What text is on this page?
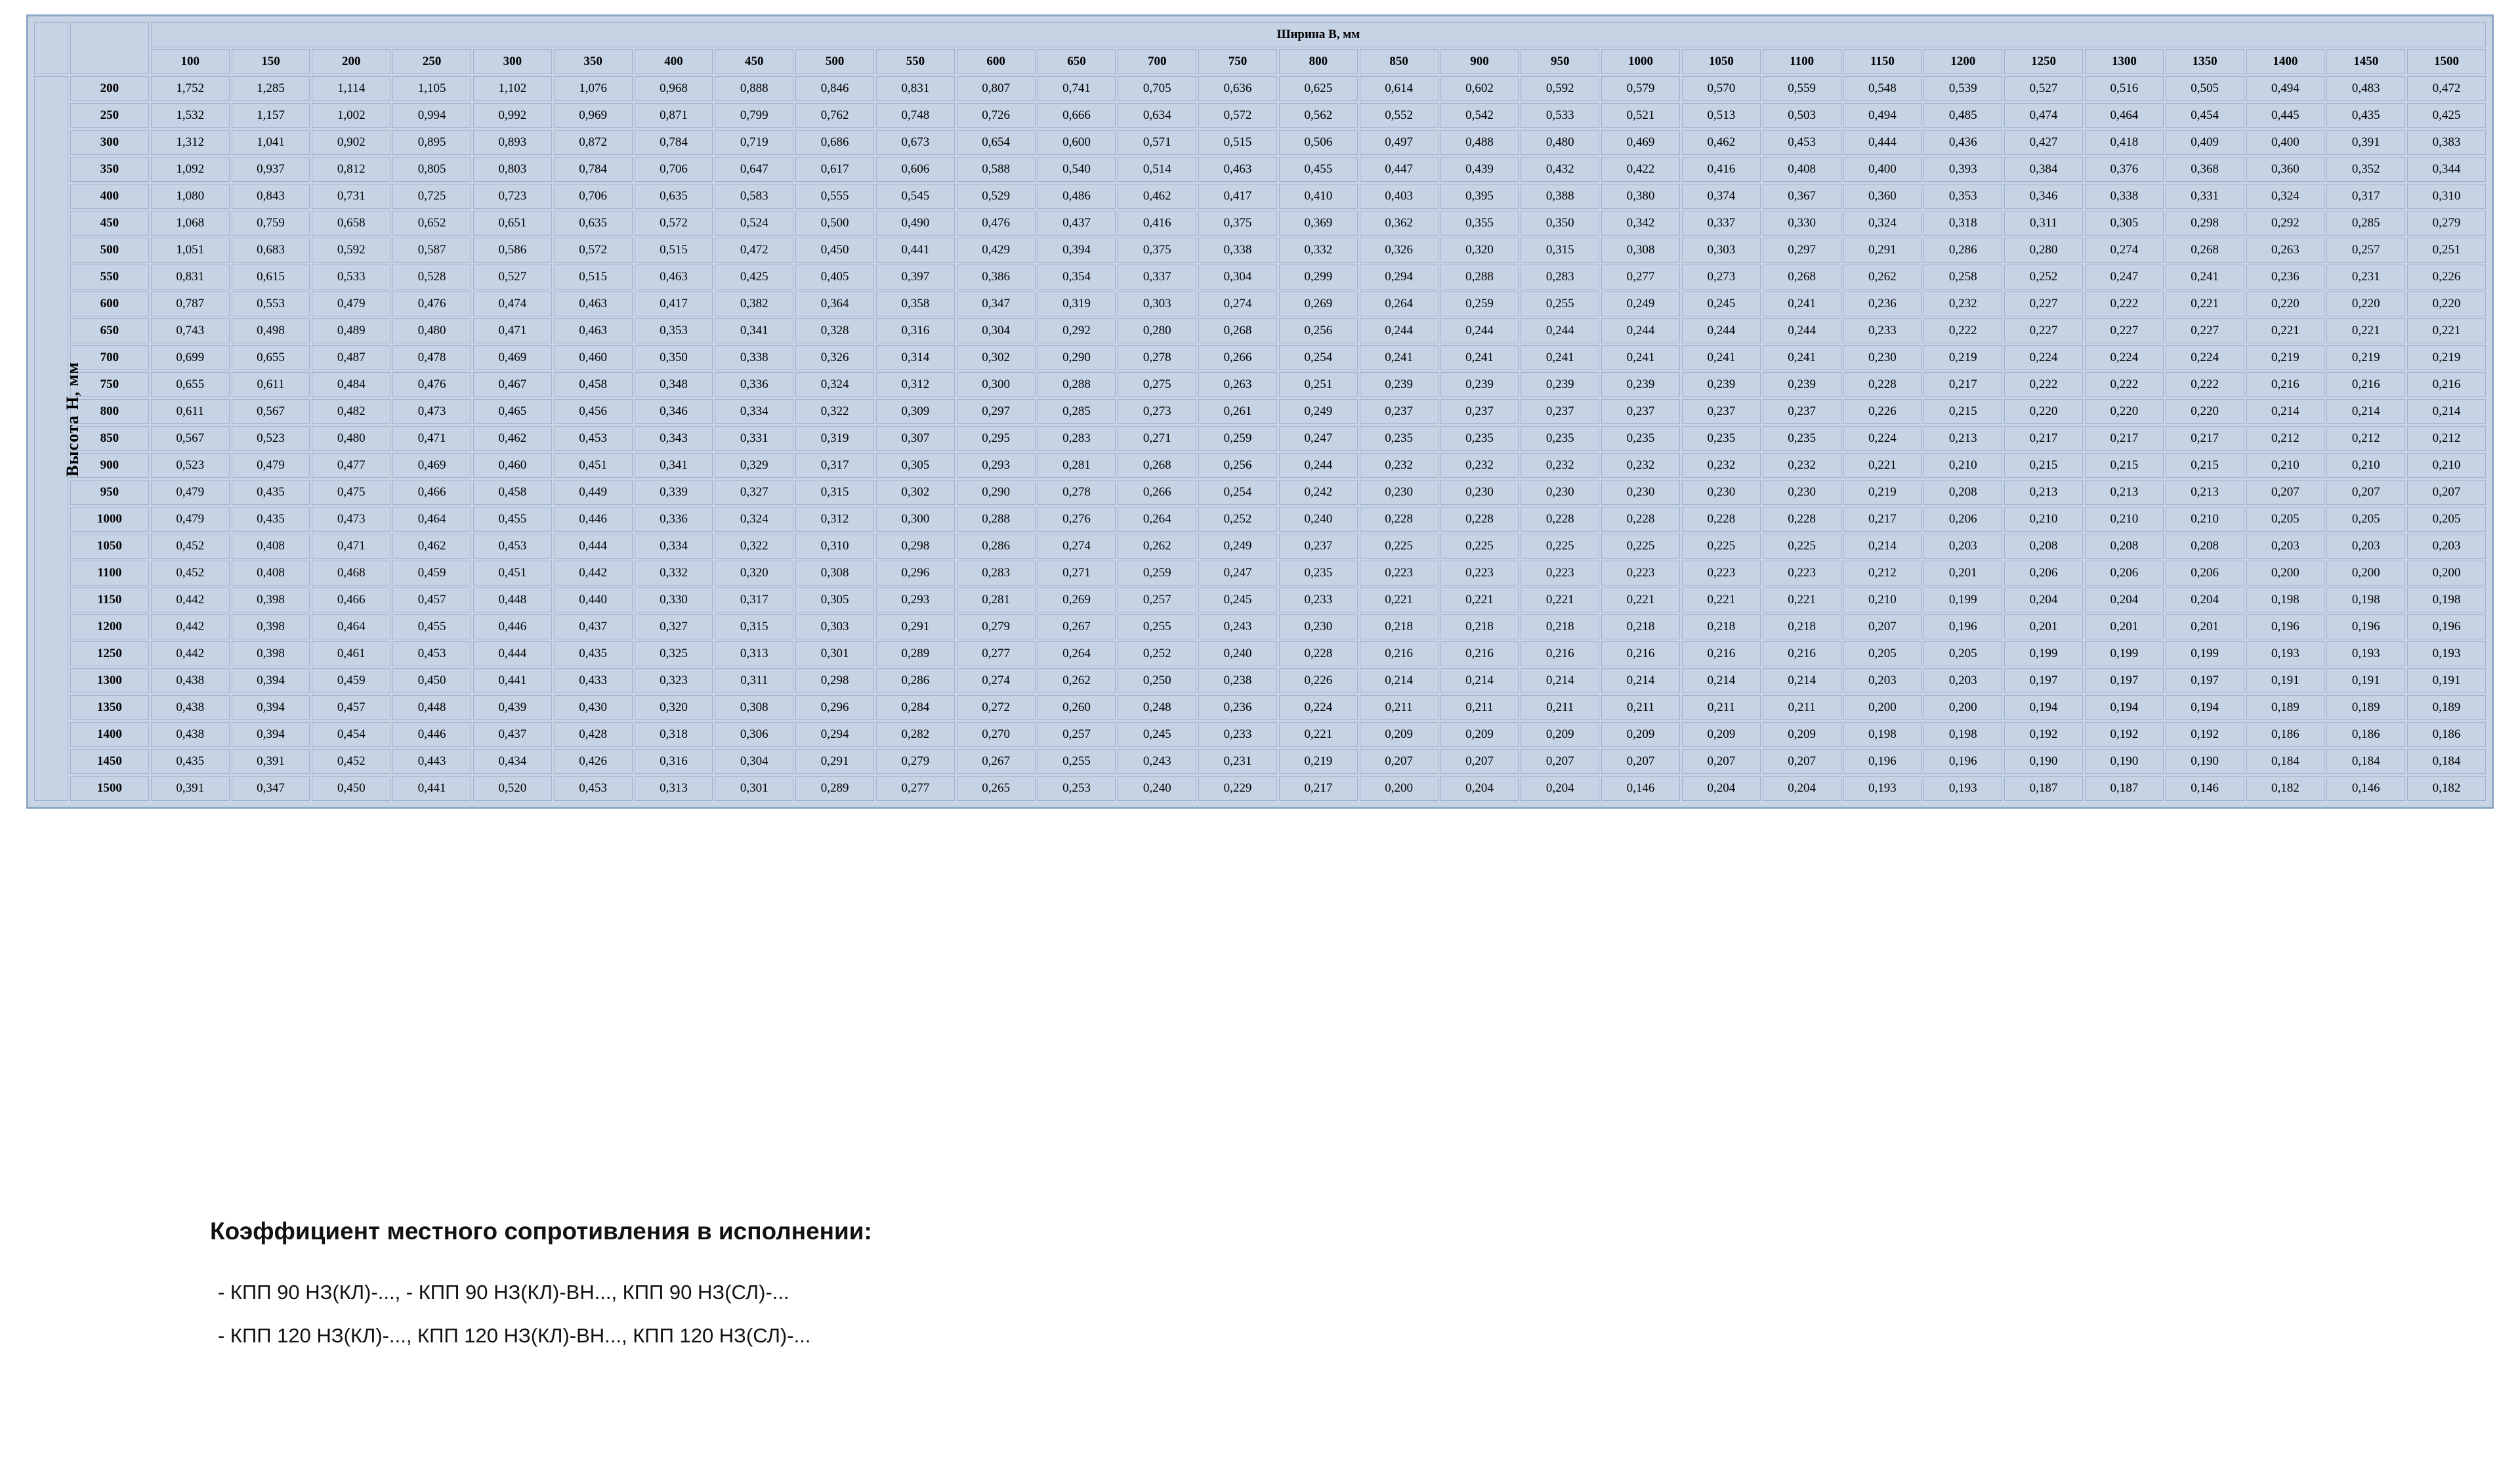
		Ширина B, мм																												
		100	150	200	250	300	350	400	450	500	550	600	650	700	750	800	850	900	950	1000	1050	1100	1150	1200	1250	1300	1350	1400	1450	1500
	200	1,752	1,285	1,114	1,105	1,102	1,076	0,968	0,888	0,846	0,831	0,807	0,741	0,705	0,636	0,625	0,614	0,602	0,592	0,579	0,570	0,559	0,548	0,539	0,527	0,516	0,505	0,494	0,483	0,472
	250	1,532	1,157	1,002	0,994	0,992	0,969	0,871	0,799	0,762	0,748	0,726	0,666	0,634	0,572	0,562	0,552	0,542	0,533	0,521	0,513	0,503	0,494	0,485	0,474	0,464	0,454	0,445	0,435	0,425
	300	1,312	1,041	0,902	0,895	0,893	0,872	0,784	0,719	0,686	0,673	0,654	0,600	0,571	0,515	0,506	0,497	0,488	0,480	0,469	0,462	0,453	0,444	0,436	0,427	0,418	0,409	0,400	0,391	0,383
	350	1,092	0,937	0,812	0,805	0,803	0,784	0,706	0,647	0,617	0,606	0,588	0,540	0,514	0,463	0,455	0,447	0,439	0,432	0,422	0,416	0,408	0,400	0,393	0,384	0,376	0,368	0,360	0,352	0,344
	400	1,080	0,843	0,731	0,725	0,723	0,706	0,635	0,583	0,555	0,545	0,529	0,486	0,462	0,417	0,410	0,403	0,395	0,388	0,380	0,374	0,367	0,360	0,353	0,346	0,338	0,331	0,324	0,317	0,310
	450	1,068	0,759	0,658	0,652	0,651	0,635	0,572	0,524	0,500	0,490	0,476	0,437	0,416	0,375	0,369	0,362	0,355	0,350	0,342	0,337	0,330	0,324	0,318	0,311	0,305	0,298	0,292	0,285	0,279
	500	1,051	0,683	0,592	0,587	0,586	0,572	0,515	0,472	0,450	0,441	0,429	0,394	0,375	0,338	0,332	0,326	0,320	0,315	0,308	0,303	0,297	0,291	0,286	0,280	0,274	0,268	0,263	0,257	0,251
	550	0,831	0,615	0,533	0,528	0,527	0,515	0,463	0,425	0,405	0,397	0,386	0,354	0,337	0,304	0,299	0,294	0,288	0,283	0,277	0,273	0,268	0,262	0,258	0,252	0,247	0,241	0,236	0,231	0,226
	600	0,787	0,553	0,479	0,476	0,474	0,463	0,417	0,382	0,364	0,358	0,347	0,319	0,303	0,274	0,269	0,264	0,259	0,255	0,249	0,245	0,241	0,236	0,232	0,227	0,222	0,221	0,220	0,220	0,220
	650	0,743	0,498	0,489	0,480	0,471	0,463	0,353	0,341	0,328	0,316	0,304	0,292	0,280	0,268	0,256	0,244	0,244	0,244	0,244	0,244	0,244	0,233	0,222	0,227	0,227	0,227	0,221	0,221	0,221
	700	0,699	0,655	0,487	0,478	0,469	0,460	0,350	0,338	0,326	0,314	0,302	0,290	0,278	0,266	0,254	0,241	0,241	0,241	0,241	0,241	0,241	0,230	0,219	0,224	0,224	0,224	0,219	0,219	0,219
	750	0,655	0,611	0,484	0,476	0,467	0,458	0,348	0,336	0,324	0,312	0,300	0,288	0,275	0,263	0,251	0,239	0,239	0,239	0,239	0,239	0,239	0,228	0,217	0,222	0,222	0,222	0,216	0,216	0,216
	800	0,611	0,567	0,482	0,473	0,465	0,456	0,346	0,334	0,322	0,309	0,297	0,285	0,273	0,261	0,249	0,237	0,237	0,237	0,237	0,237	0,237	0,226	0,215	0,220	0,220	0,220	0,214	0,214	0,214
	850	0,567	0,523	0,480	0,471	0,462	0,453	0,343	0,331	0,319	0,307	0,295	0,283	0,271	0,259	0,247	0,235	0,235	0,235	0,235	0,235	0,235	0,224	0,213	0,217	0,217	0,217	0,212	0,212	0,212
	900	0,523	0,479	0,477	0,469	0,460	0,451	0,341	0,329	0,317	0,305	0,293	0,281	0,268	0,256	0,244	0,232	0,232	0,232	0,232	0,232	0,232	0,221	0,210	0,215	0,215	0,215	0,210	0,210	0,210
	950	0,479	0,435	0,475	0,466	0,458	0,449	0,339	0,327	0,315	0,302	0,290	0,278	0,266	0,254	0,242	0,230	0,230	0,230	0,230	0,230	0,230	0,219	0,208	0,213	0,213	0,213	0,207	0,207	0,207
	1000	0,479	0,435	0,473	0,464	0,455	0,446	0,336	0,324	0,312	0,300	0,288	0,276	0,264	0,252	0,240	0,228	0,228	0,228	0,228	0,228	0,228	0,217	0,206	0,210	0,210	0,210	0,205	0,205	0,205
	1050	0,452	0,408	0,471	0,462	0,453	0,444	0,334	0,322	0,310	0,298	0,286	0,274	0,262	0,249	0,237	0,225	0,225	0,225	0,225	0,225	0,225	0,214	0,203	0,208	0,208	0,208	0,203	0,203	0,203
	1100	0,452	0,408	0,468	0,459	0,451	0,442	0,332	0,320	0,308	0,296	0,283	0,271	0,259	0,247	0,235	0,223	0,223	0,223	0,223	0,223	0,223	0,212	0,201	0,206	0,206	0,206	0,200	0,200	0,200
	1150	0,442	0,398	0,466	0,457	0,448	0,440	0,330	0,317	0,305	0,293	0,281	0,269	0,257	0,245	0,233	0,221	0,221	0,221	0,221	0,221	0,221	0,210	0,199	0,204	0,204	0,204	0,198	0,198	0,198
	1200	0,442	0,398	0,464	0,455	0,446	0,437	0,327	0,315	0,303	0,291	0,279	0,267	0,255	0,243	0,230	0,218	0,218	0,218	0,218	0,218	0,218	0,207	0,196	0,201	0,201	0,201	0,196	0,196	0,196
	1250	0,442	0,398	0,461	0,453	0,444	0,435	0,325	0,313	0,301	0,289	0,277	0,264	0,252	0,240	0,228	0,216	0,216	0,216	0,216	0,216	0,216	0,205	0,205	0,199	0,199	0,199	0,193	0,193	0,193
	1300	0,438	0,394	0,459	0,450	0,441	0,433	0,323	0,311	0,298	0,286	0,274	0,262	0,250	0,238	0,226	0,214	0,214	0,214	0,214	0,214	0,214	0,203	0,203	0,197	0,197	0,197	0,191	0,191	0,191
	1350	0,438	0,394	0,457	0,448	0,439	0,430	0,320	0,308	0,296	0,284	0,272	0,260	0,248	0,236	0,224	0,211	0,211	0,211	0,211	0,211	0,211	0,200	0,200	0,194	0,194	0,194	0,189	0,189	0,189
	1400	0,438	0,394	0,454	0,446	0,437	0,428	0,318	0,306	0,294	0,282	0,270	0,257	0,245	0,233	0,221	0,209	0,209	0,209	0,209	0,209	0,209	0,198	0,198	0,192	0,192	0,192	0,186	0,186	0,186
	1450	0,435	0,391	0,452	0,443	0,434	0,426	0,316	0,304	0,291	0,279	0,267	0,255	0,243	0,231	0,219	0,207	0,207	0,207	0,207	0,207	0,207	0,196	0,196	0,190	0,190	0,190	0,184	0,184	0,184
	1500	0,391	0,347	0,450	0,441	0,520	0,453	0,313	0,301	0,289	0,277	0,265	0,253	0,240	0,229	0,217	0,200	0,204	0,204	0,146	0,204	0,204	0,193	0,193	0,187	0,187	0,146	0,182	0,146	0,182
Высота H, мм
Коэффициент местного сопротивления в исполнении:

- КПП 90 НЗ(КЛ)-..., - КПП 90 НЗ(КЛ)-ВН..., КПП 90 НЗ(СЛ)-...

- КПП 120 НЗ(КЛ)-..., КПП 120 НЗ(КЛ)-ВН..., КПП 120 НЗ(СЛ)-...
